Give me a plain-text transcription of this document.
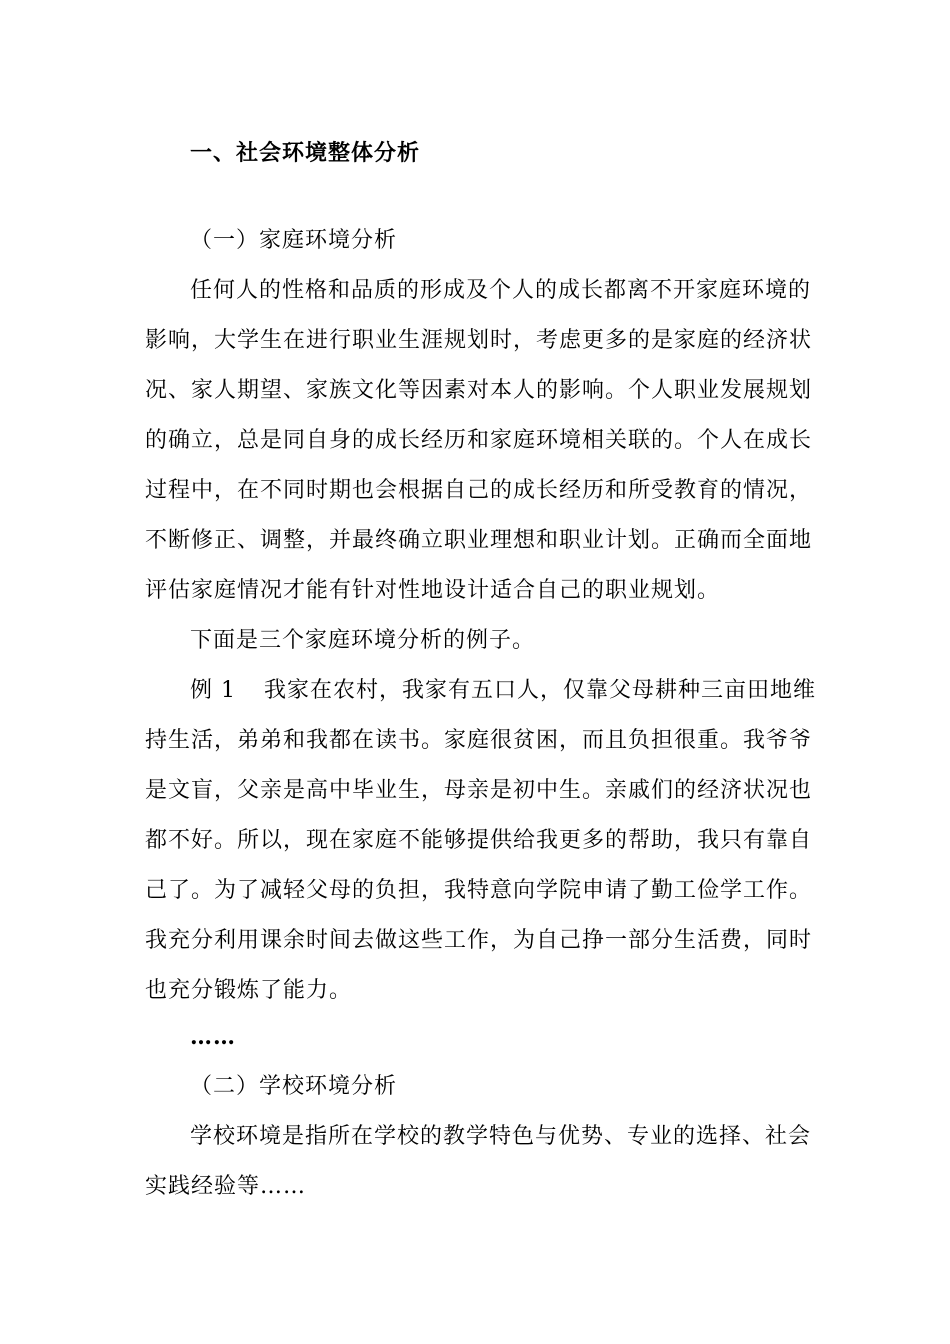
一、社会环境整体分析
（一）家庭环境分析
任何人的性格和品质的形成及个人的成长都离不开家庭环境的
影响，大学生在进行职业生涯规划时，考虑更多的是家庭的经济状
况、家人期望、家族文化等因素对本人的影响。个人职业发展规划
的确立，总是同自身的成长经历和家庭环境相关联的。个人在成长
过程中，在不同时期也会根据自己的成长经历和所受教育的情况，
不断修正、调整，并最终确立职业理想和职业计划。正确而全面地
评估家庭情况才能有针对性地设计适合自己的职业规划。
下面是三个家庭环境分析的例子。
例 1 我家在农村，我家有五口人，仅靠父母耕种三亩田地维
持生活，弟弟和我都在读书。家庭很贫困，而且负担很重。我爷爷
是文盲，父亲是高中毕业生，母亲是初中生。亲戚们的经济状况也
都不好。所以，现在家庭不能够提供给我更多的帮助，我只有靠自
己了。为了减轻父母的负担，我特意向学院申请了勤工俭学工作。
我充分利用课余时间去做这些工作，为自己挣一部分生活费，同时
也充分锻炼了能力。
……
（二）学校环境分析
学校环境是指所在学校的教学特色与优势、专业的选择、社会
实践经验等……
